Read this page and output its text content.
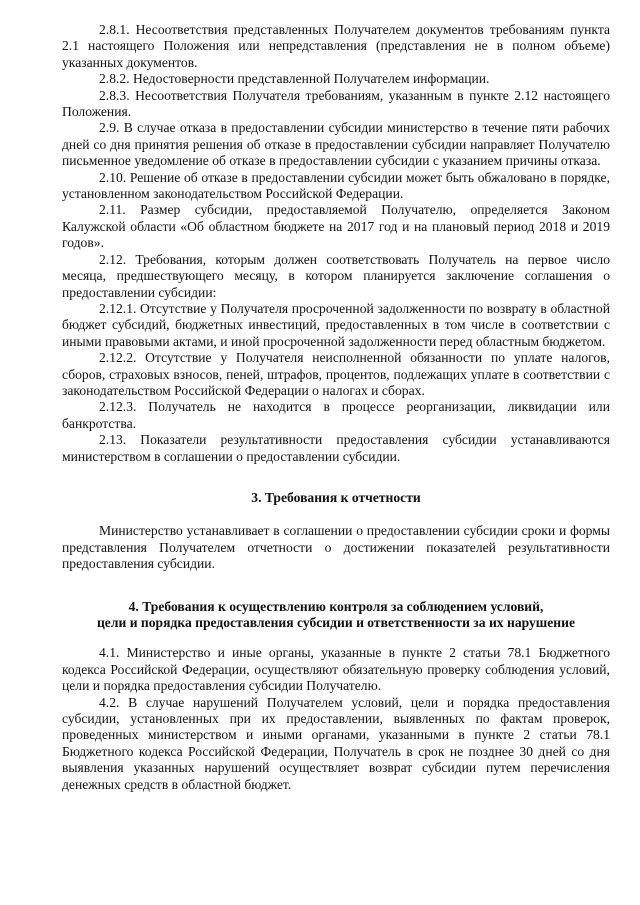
2.8.1. Несоответствия представленных Получателем документов требованиям пункта 2.1 настоящего Положения или непредставления (представления не в полном объеме) указанных документов.

2.8.2. Недостоверности представленной Получателем информации.

2.8.3. Несоответствия Получателя требованиям, указанным в пункте 2.12 настоящего Положения.

2.9. В случае отказа в предоставлении субсидии министерство в течение пяти рабочих дней со дня принятия решения об отказе в предоставлении субсидии направляет Получателю письменное уведомление об отказе в предоставлении субсидии с указанием причины отказа.

2.10. Решение об отказе в предоставлении субсидии может быть обжаловано в порядке, установленном законодательством Российской Федерации.

2.11. Размер субсидии, предоставляемой Получателю, определяется Законом Калужской области «Об областном бюджете на 2017 год и на плановый период 2018 и 2019 годов».

2.12. Требования, которым должен соответствовать Получатель на первое число месяца, предшествующего месяцу, в котором планируется заключение соглашения о предоставлении субсидии:

2.12.1. Отсутствие у Получателя просроченной задолженности по возврату в областной бюджет субсидий, бюджетных инвестиций, предоставленных в том числе в соответствии с иными правовыми актами, и иной просроченной задолженности перед областным бюджетом.

2.12.2. Отсутствие у Получателя неисполненной обязанности по уплате налогов, сборов, страховых взносов, пеней, штрафов, процентов, подлежащих уплате в соответствии с законодательством Российской Федерации о налогах и сборах.

2.12.3. Получатель не находится в процессе реорганизации, ликвидации или банкротства.

2.13. Показатели результативности предоставления субсидии устанавливаются министерством в соглашении о предоставлении субсидии.

3. Требования к отчетности

Министерство устанавливает в соглашении о предоставлении субсидии сроки и формы представления Получателем отчетности о достижении показателей результативности предоставления субсидии.

4. Требования к осуществлению контроля за соблюдением условий,

цели и порядка предоставления субсидии и ответственности за их нарушение

4.1. Министерство и иные органы, указанные в пункте 2 статьи 78.1 Бюджетного кодекса Российской Федерации, осуществляют обязательную проверку соблюдения условий, цели и порядка предоставления субсидии Получателю.

4.2. В случае нарушений Получателем условий, цели и порядка предоставления субсидии, установленных при их предоставлении, выявленных по фактам проверок, проведенных министерством и иными органами, указанными в пункте 2 статьи 78.1 Бюджетного кодекса Российской Федерации, Получатель в срок не позднее 30 дней со дня выявления указанных нарушений осуществляет возврат субсидии путем перечисления денежных средств в областной бюджет.
